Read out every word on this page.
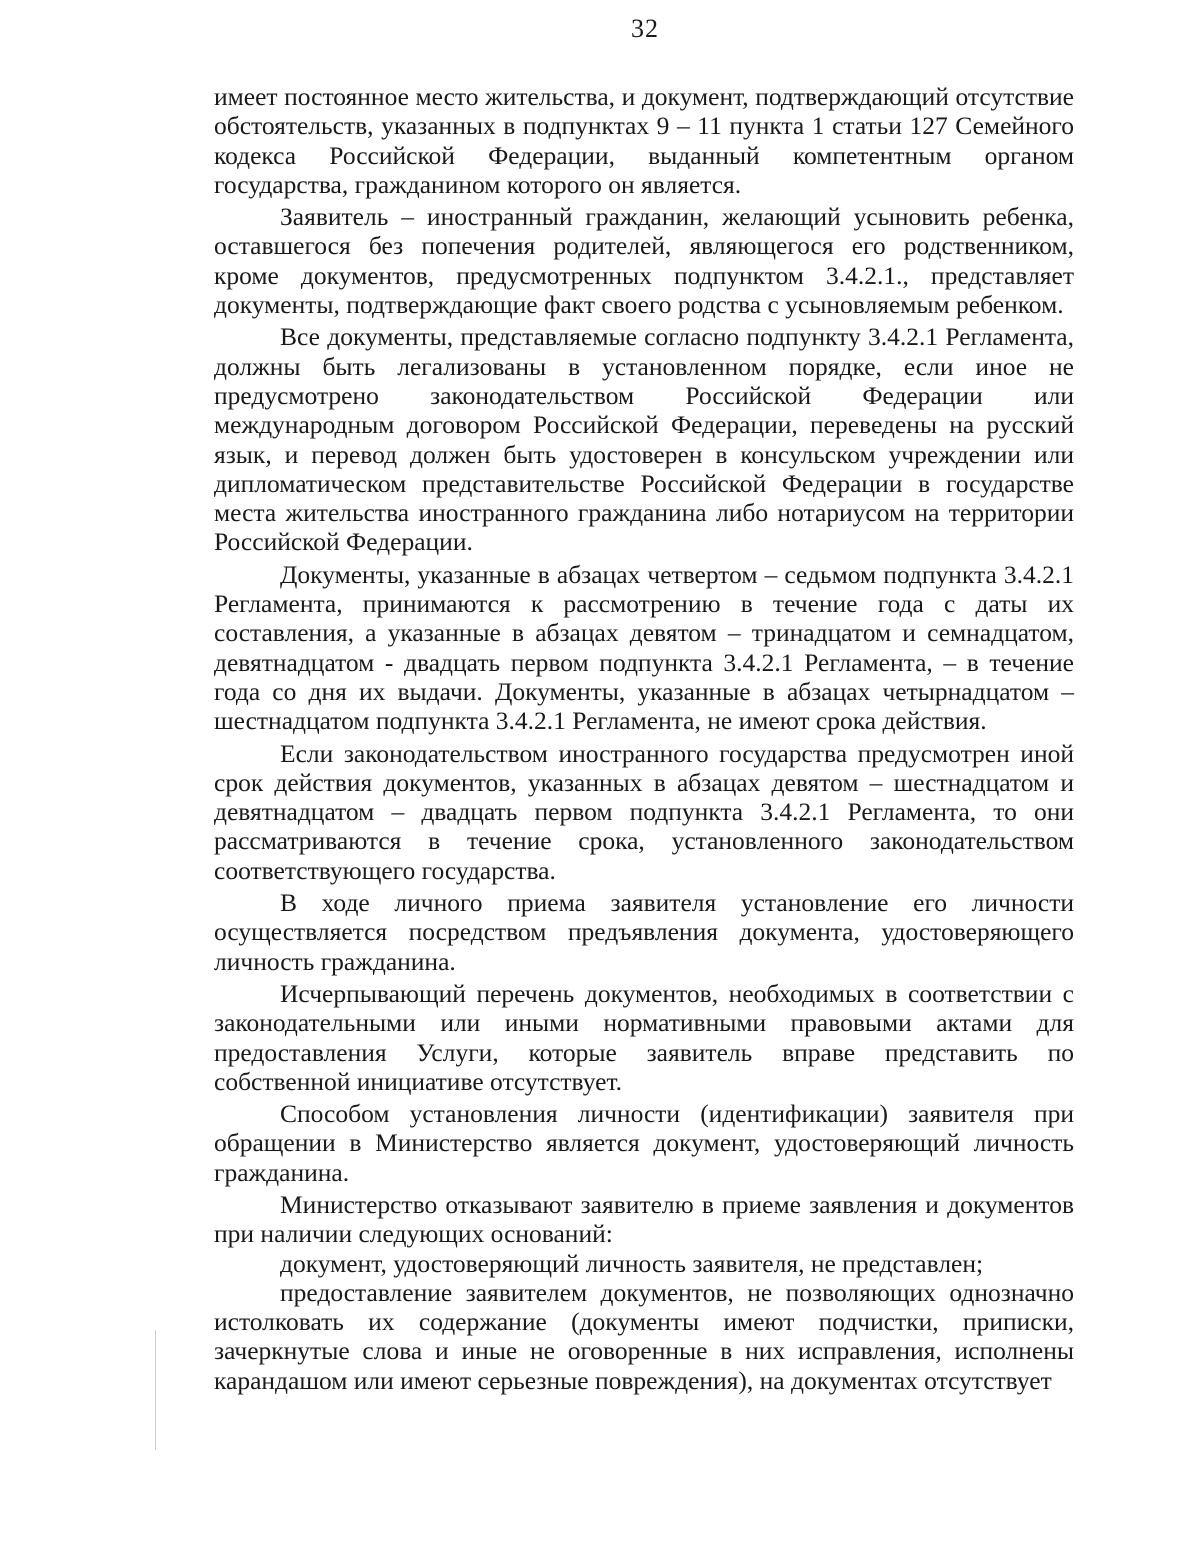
32

имеет постоянное место жительства, и документ, подтверждающий отсутствие обстоятельств, указанных в подпунктах 9 – 11 пункта 1 статьи 127 Семейного кодекса Российской Федерации, выданный компетентным органом государства, гражданином которого он является.

Заявитель – иностранный гражданин, желающий усыновить ребенка, оставшегося без попечения родителей, являющегося его родственником, кроме документов, предусмотренных подпунктом 3.4.2.1., представляет документы, подтверждающие факт своего родства с усыновляемым ребенком.

Все документы, представляемые согласно подпункту 3.4.2.1 Регламента, должны быть легализованы в установленном порядке, если иное не предусмотрено законодательством Российской Федерации или международным договором Российской Федерации, переведены на русский язык, и перевод должен быть удостоверен в консульском учреждении или дипломатическом представительстве Российской Федерации в государстве места жительства иностранного гражданина либо нотариусом на территории Российской Федерации.

Документы, указанные в абзацах четвертом – седьмом подпункта 3.4.2.1 Регламента, принимаются к рассмотрению в течение года с даты их составления, а указанные в абзацах девятом – тринадцатом и семнадцатом, девятнадцатом - двадцать первом подпункта 3.4.2.1 Регламента, – в течение года со дня их выдачи. Документы, указанные в абзацах четырнадцатом – шестнадцатом подпункта 3.4.2.1 Регламента, не имеют срока действия.

Если законодательством иностранного государства предусмотрен иной срок действия документов, указанных в абзацах девятом – шестнадцатом и девятнадцатом – двадцать первом подпункта 3.4.2.1 Регламента, то они рассматриваются в течение срока, установленного законодательством соответствующего государства.

В ходе личного приема заявителя установление его личности осуществляется посредством предъявления документа, удостоверяющего личность гражданина.

Исчерпывающий перечень документов, необходимых в соответствии с законодательными или иными нормативными правовыми актами для предоставления Услуги, которые заявитель вправе представить по собственной инициативе отсутствует.

Способом установления личности (идентификации) заявителя при обращении в Министерство является документ, удостоверяющий личность гражданина.

Министерство отказывают заявителю в приеме заявления и документов при наличии следующих оснований:

документ, удостоверяющий личность заявителя, не представлен;

предоставление заявителем документов, не позволяющих однозначно истолковать их содержание (документы имеют подчистки, приписки, зачеркнутые слова и иные не оговоренные в них исправления, исполнены карандашом или имеют серьезные повреждения), на документах отсутствует
